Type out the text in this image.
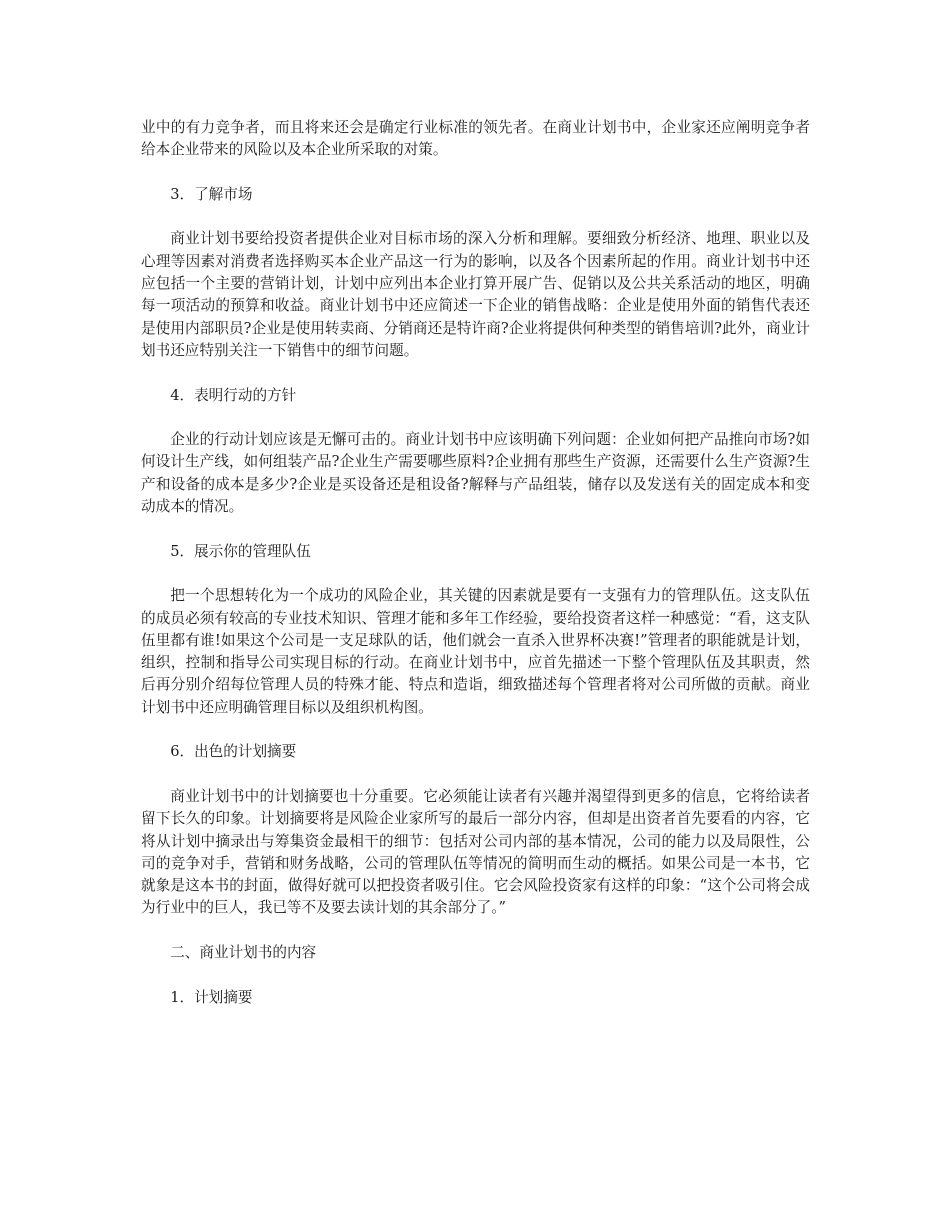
业中的有力竞争者，而且将来还会是确定行业标准的领先者。在商业计划书中，企业家还应阐明竞争者给本企业带来的风险以及本企业所采取的对策。

3．了解市场

商业计划书要给投资者提供企业对目标市场的深入分析和理解。要细致分析经济、地理、职业以及心理等因素对消费者选择购买本企业产品这一行为的影响，以及各个因素所起的作用。商业计划书中还应包括一个主要的营销计划，计划中应列出本企业打算开展广告、促销以及公共关系活动的地区，明确每一项活动的预算和收益。商业计划书中还应简述一下企业的销售战略：企业是使用外面的销售代表还是使用内部职员?企业是使用转卖商、分销商还是特许商?企业将提供何种类型的销售培训?此外，商业计划书还应特别关注一下销售中的细节问题。

4．表明行动的方针

企业的行动计划应该是无懈可击的。商业计划书中应该明确下列问题：企业如何把产品推向市场?如何设计生产线，如何组装产品?企业生产需要哪些原料?企业拥有那些生产资源，还需要什么生产资源?生产和设备的成本是多少?企业是买设备还是租设备?解释与产品组装，储存以及发送有关的固定成本和变动成本的情况。

5．展示你的管理队伍

把一个思想转化为一个成功的风险企业，其关键的因素就是要有一支强有力的管理队伍。这支队伍的成员必须有较高的专业技术知识、管理才能和多年工作经验，要给投资者这样一种感觉：“看，这支队伍里都有谁!如果这个公司是一支足球队的话，他们就会一直杀入世界杯决赛!”管理者的职能就是计划，组织，控制和指导公司实现目标的行动。在商业计划书中，应首先描述一下整个管理队伍及其职责，然后再分别介绍每位管理人员的特殊才能、特点和造诣，细致描述每个管理者将对公司所做的贡献。商业计划书中还应明确管理目标以及组织机构图。

6．出色的计划摘要

商业计划书中的计划摘要也十分重要。它必须能让读者有兴趣并渴望得到更多的信息，它将给读者留下长久的印象。计划摘要将是风险企业家所写的最后一部分内容，但却是出资者首先要看的内容，它将从计划中摘录出与筹集资金最相干的细节：包括对公司内部的基本情况，公司的能力以及局限性，公司的竞争对手，营销和财务战略，公司的管理队伍等情况的简明而生动的概括。如果公司是一本书，它就象是这本书的封面，做得好就可以把投资者吸引住。它会风险投资家有这样的印象：“这个公司将会成为行业中的巨人，我已等不及要去读计划的其余部分了。”

二、商业计划书的内容

1．计划摘要
